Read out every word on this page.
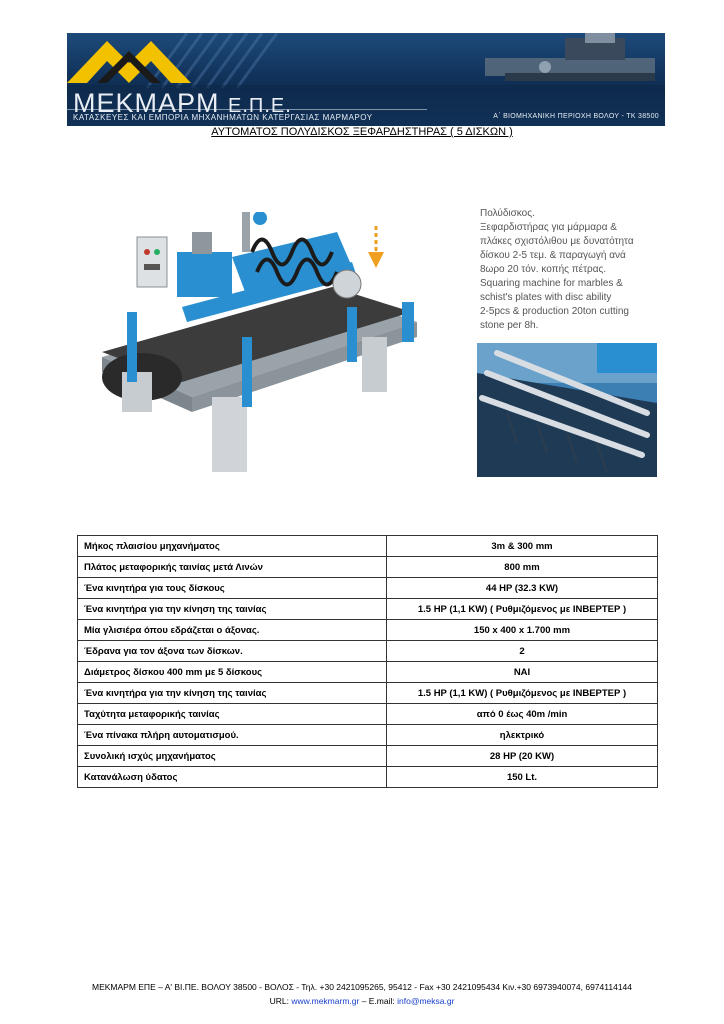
ΜΕΚΜΑΡΜ Ε.Π.Ε.
ΚΑΤΑΣΚΕΥΕΣ ΚΑΙ ΕΜΠΟΡΙΑ ΜΗΧΑΝΗΜΑΤΩΝ ΚΑΤΕΡΓΑΣΙΑΣ ΜΑΡΜΑΡΟΥ	Α΄ ΒΙΟΜΗΧΑΝΙΚΗ ΠΕΡΙΟΧΗ ΒΟΛΟΥ - ΤΚ 38500
ΑΥΤΟΜΑΤΟΣ ΠΟΛΥΔΙΣΚΟΣ ΞΕΦΑΡΔΗΣΤΗΡΑΣ ( 5 ΔΙΣΚΩΝ )
Πολύδισκος.
Ξεφαρδιστήρας για μάρμαρα &
πλάκες σχιστόλιθου με δυνατότητα
δίσκου 2-5 τεμ. & παραγωγή ανά
8ωρο 20 τόν. κοπής πέτρας.
Squaring machine for marbles &
schist's plates with disc ability
2-5pcs & production 20ton cutting
stone per 8h.
Μήκος πλαισίου μηχανήματος	3m & 300 mm
Πλάτος μεταφορικής ταινίας μετά Λινών	800 mm
Ένα κινητήρα για τους δίσκους	44 HP (32.3 KW)
Ένα κινητήρα για την κίνηση της ταινίας	1.5 HP (1,1 KW) ( Ρυθμιζόμενος με ΙΝΒΕΡΤΕΡ )
Μία γλισιέρα όπου εδράζεται ο άξονας.	150 x 400 x 1.700 mm
Έδρανα για τον άξονα των δίσκων.	2
Διάμετρος δίσκου 400 mm με 5 δίσκους	ΝΑΙ
Ένα κινητήρα για την κίνηση της ταινίας	1.5 HP (1,1 KW) ( Ρυθμιζόμενος με ΙΝΒΕΡΤΕΡ )
Ταχύτητα μεταφορικής ταινίας	από 0 έως 40m /min
Ένα πίνακα πλήρη αυτοματισμού.	ηλεκτρικό
Συνολική ισχύς μηχανήματος	28 HP (20 KW)
Κατανάλωση ύδατος	150 Lt.
ΜΕΚΜΑΡΜ ΕΠΕ – Α' ΒΙ.ΠΕ. ΒΟΛΟΥ 38500 - ΒΟΛΟΣ - Τηλ. +30 2421095265, 95412 - Fax +30 2421095434 Κιν.+30 6973940074, 6974114144
URL: www.mekmarm.gr – E.mail: info@meksa.gr
